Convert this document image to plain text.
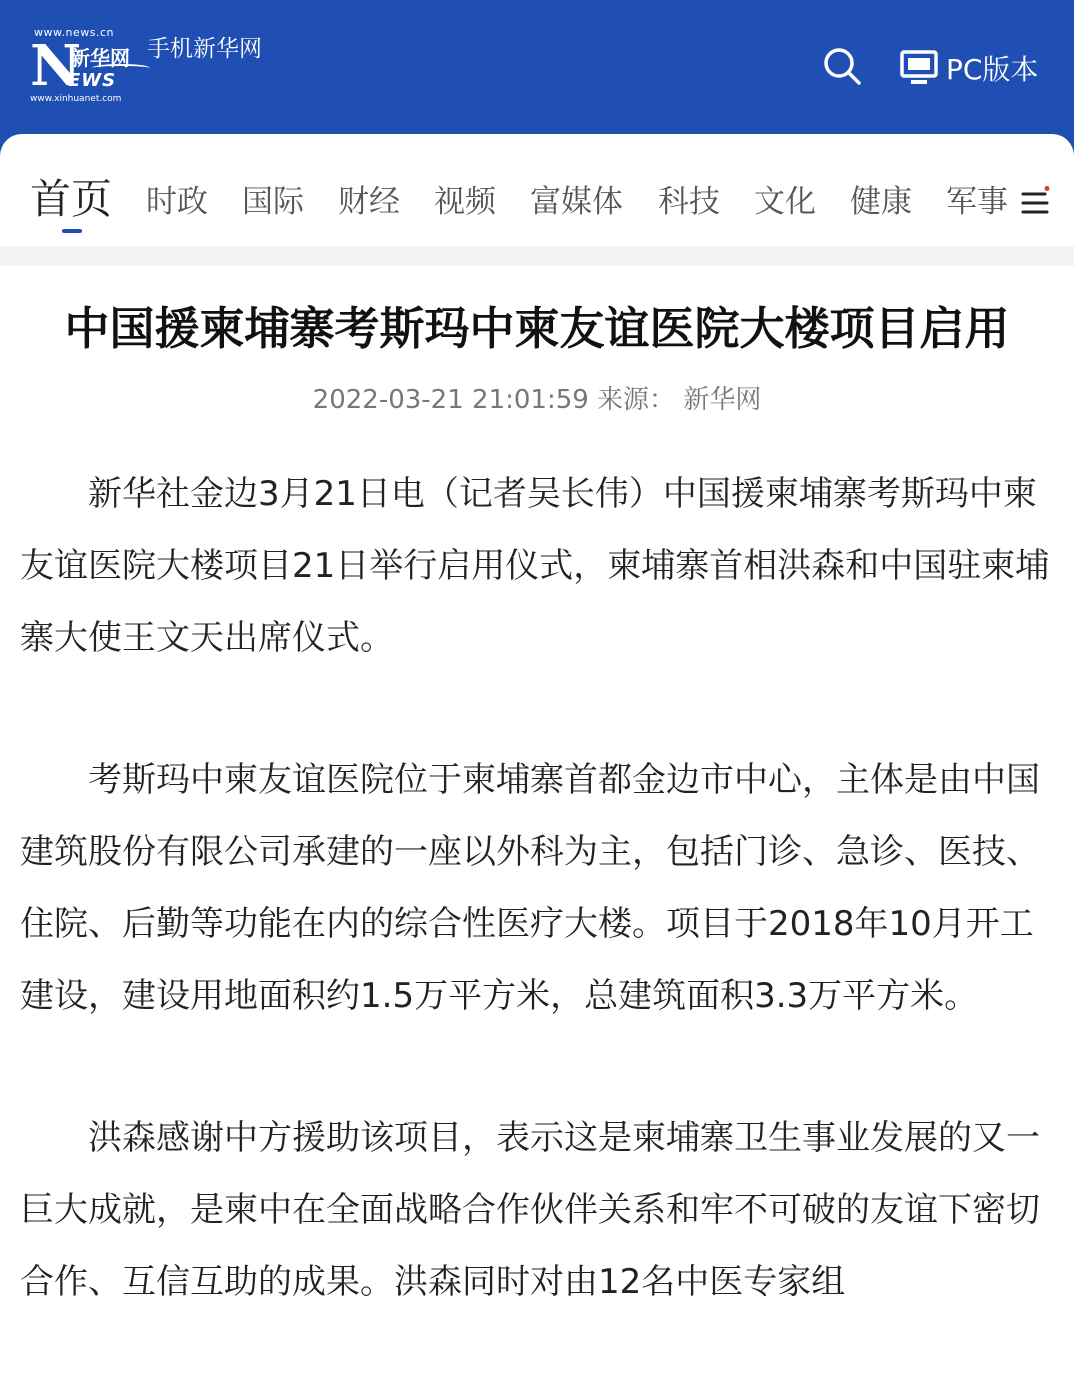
www.news.cn
N
新华网
EWS
www.xinhuanet.com
手机新华网
PC版本
首页 时政 国际 财经 视频 富媒体 科技 文化 健康 军事
中国援柬埔寨考斯玛中柬友谊医院大楼项目启用
2022-03-21 21:01:59 来源： 新华网

新华社金边3月21日电（记者吴长伟）中国援柬埔寨考斯玛中柬友谊医院大楼项目21日举行启用仪式，柬埔寨首相洪森和中国驻柬埔寨大使王文天出席仪式。

考斯玛中柬友谊医院位于柬埔寨首都金边市中心，主体是由中国建筑股份有限公司承建的一座以外科为主，包括门诊、急诊、医技、住院、后勤等功能在内的综合性医疗大楼。项目于2018年10月开工建设，建设用地面积约1.5万平方米，总建筑面积3.3万平方米。

洪森感谢中方援助该项目，表示这是柬埔寨卫生事业发展的又一巨大成就，是柬中在全面战略合作伙伴关系和牢不可破的友谊下密切合作、互信互助的成果。洪森同时对由12名中医专家组
